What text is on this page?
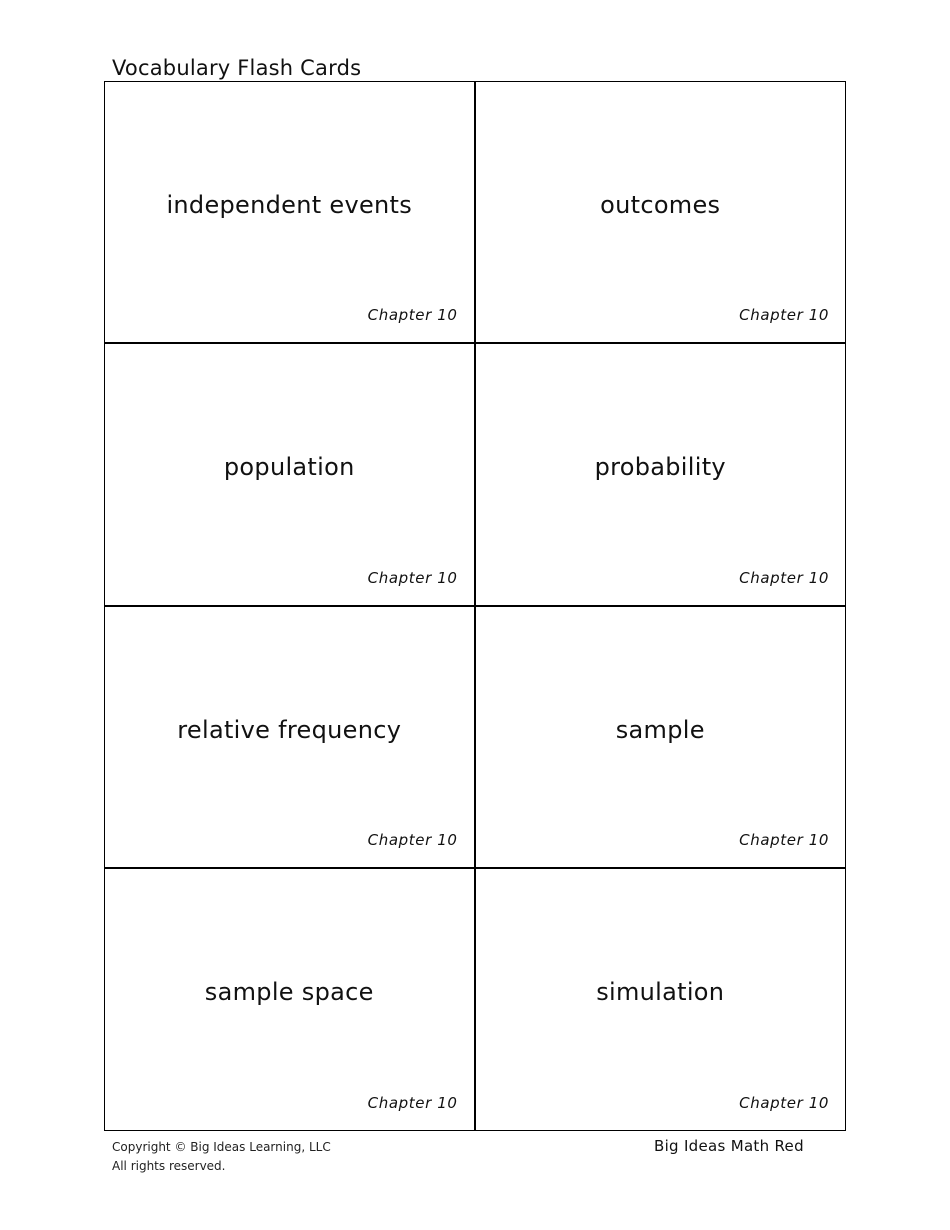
Vocabulary Flash Cards
independent events
Chapter 10
outcomes
Chapter 10
population
Chapter 10
probability
Chapter 10
relative frequency
Chapter 10
sample
Chapter 10
sample space
Chapter 10
simulation
Chapter 10
Copyright © Big Ideas Learning, LLC
All rights reserved.
Big Ideas Math Red
